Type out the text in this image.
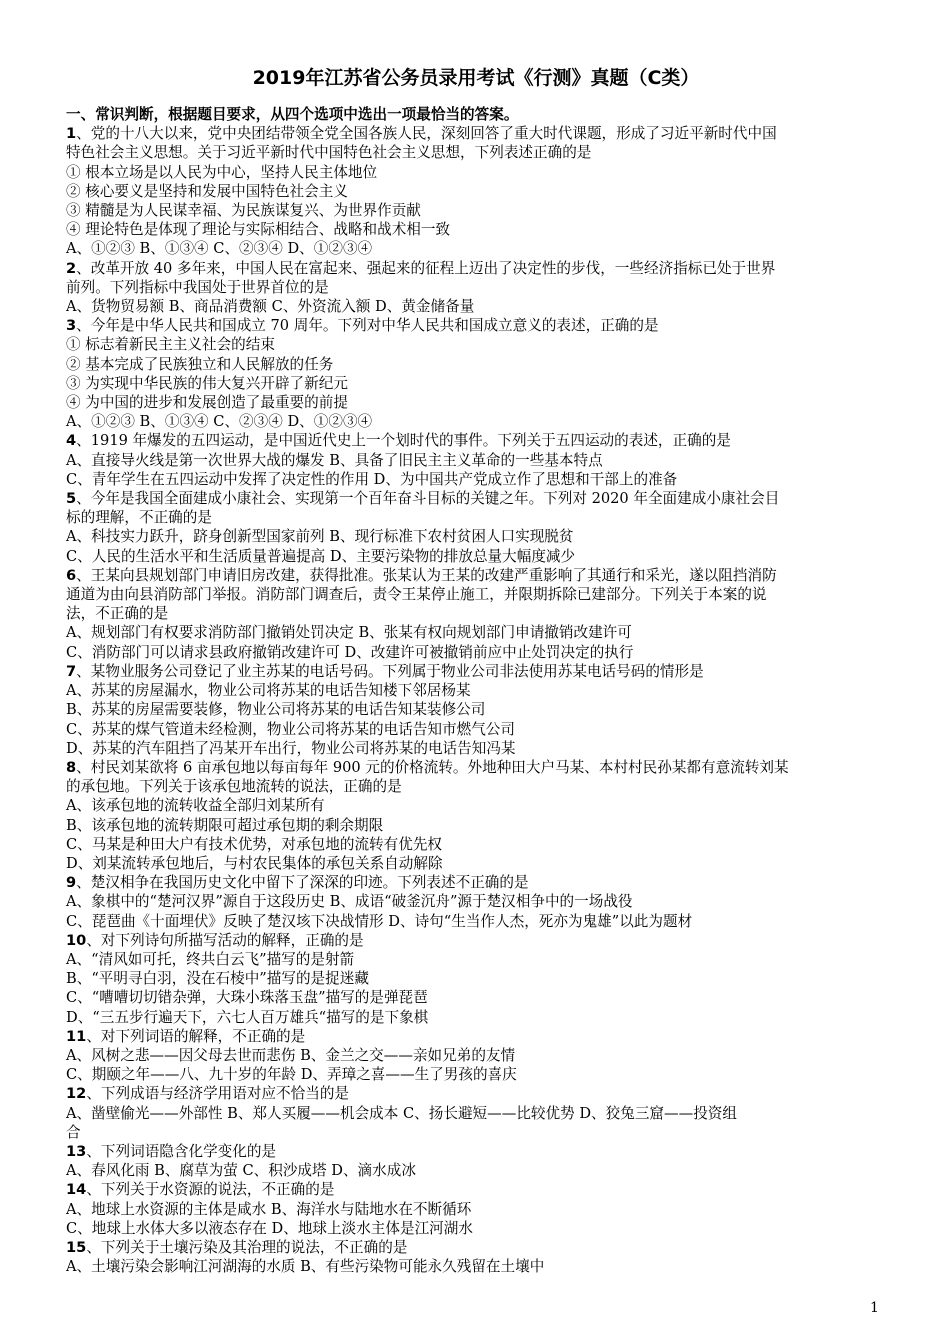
2019年江苏省公务员录用考试《行测》真题（C类）
一、常识判断，根据题目要求，从四个选项中选出一项最恰当的答案。
1、党的十八大以来，党中央团结带领全党全国各族人民，深刻回答了重大时代课题，形成了习近平新时代中国
特色社会主义思想。关于习近平新时代中国特色社会主义思想，下列表述正确的是
① 根本立场是以人民为中心，坚持人民主体地位
② 核心要义是坚持和发展中国特色社会主义
③ 精髓是为人民谋幸福、为民族谋复兴、为世界作贡献
④ 理论特色是体现了理论与实际相结合、战略和战术相一致
A、①②③ B、①③④ C、②③④ D、①②③④
2、改革开放 40 多年来，中国人民在富起来、强起来的征程上迈出了决定性的步伐，一些经济指标已处于世界
前列。下列指标中我国处于世界首位的是
A、货物贸易额 B、商品消费额 C、外资流入额 D、黄金储备量
3、今年是中华人民共和国成立 70 周年。下列对中华人民共和国成立意义的表述，正确的是
① 标志着新民主主义社会的结束
② 基本完成了民族独立和人民解放的任务
③ 为实现中华民族的伟大复兴开辟了新纪元
④ 为中国的进步和发展创造了最重要的前提
A、①②③ B、①③④ C、②③④ D、①②③④
4、1919 年爆发的五四运动，是中国近代史上一个划时代的事件。下列关于五四运动的表述，正确的是
A、直接导火线是第一次世界大战的爆发 B、具备了旧民主主义革命的一些基本特点
C、青年学生在五四运动中发挥了决定性的作用 D、为中国共产党成立作了思想和干部上的准备
5、今年是我国全面建成小康社会、实现第一个百年奋斗目标的关键之年。下列对 2020 年全面建成小康社会目
标的理解，不正确的是
A、科技实力跃升，跻身创新型国家前列 B、现行标准下农村贫困人口实现脱贫
C、人民的生活水平和生活质量普遍提高 D、主要污染物的排放总量大幅度减少
6、王某向县规划部门申请旧房改建，获得批准。张某认为王某的改建严重影响了其通行和采光，遂以阻挡消防
通道为由向县消防部门举报。消防部门调查后，责令王某停止施工，并限期拆除已建部分。下列关于本案的说
法，不正确的是
A、规划部门有权要求消防部门撤销处罚决定 B、张某有权向规划部门申请撤销改建许可
C、消防部门可以请求县政府撤销改建许可 D、改建许可被撤销前应中止处罚决定的执行
7、某物业服务公司登记了业主苏某的电话号码。下列属于物业公司非法使用苏某电话号码的情形是
A、苏某的房屋漏水，物业公司将苏某的电话告知楼下邻居杨某
B、苏某的房屋需要装修，物业公司将苏某的电话告知某装修公司
C、苏某的煤气管道未经检测，物业公司将苏某的电话告知市燃气公司
D、苏某的汽车阻挡了冯某开车出行，物业公司将苏某的电话告知冯某
8、村民刘某欲将 6 亩承包地以每亩每年 900 元的价格流转。外地种田大户马某、本村村民孙某都有意流转刘某
的承包地。下列关于该承包地流转的说法，正确的是
A、该承包地的流转收益全部归刘某所有
B、该承包地的流转期限可超过承包期的剩余期限
C、马某是种田大户有技术优势，对承包地的流转有优先权
D、刘某流转承包地后，与村农民集体的承包关系自动解除
9、楚汉相争在我国历史文化中留下了深深的印迹。下列表述不正确的是
A、象棋中的“楚河汉界”源自于这段历史 B、成语“破釜沉舟”源于楚汉相争中的一场战役
C、琵琶曲《十面埋伏》反映了楚汉垓下决战情形 D、诗句“生当作人杰，死亦为鬼雄”以此为题材
10、对下列诗句所描写活动的解释，正确的是
A、“清风如可托，终共白云飞”描写的是射箭
B、“平明寻白羽，没在石棱中”描写的是捉迷藏
C、“嘈嘈切切错杂弹，大珠小珠落玉盘”描写的是弹琵琶
D、“三五步行遍天下，六七人百万雄兵“描写的是下象棋
11、对下列词语的解释，不正确的是
A、风树之悲——因父母去世而悲伤 B、金兰之交——亲如兄弟的友情
C、期颐之年——八、九十岁的年龄 D、弄璋之喜——生了男孩的喜庆
12、下列成语与经济学用语对应不恰当的是
A、凿壁偷光——外部性 B、郑人买履——机会成本 C、扬长避短——比较优势 D、狡兔三窟——投资组
合
13、下列词语隐含化学变化的是
A、春风化雨 B、腐草为萤 C、积沙成塔 D、滴水成冰
14、下列关于水资源的说法，不正确的是
A、地球上水资源的主体是咸水 B、海洋水与陆地水在不断循环
C、地球上水体大多以液态存在 D、地球上淡水主体是江河湖水
15、下列关于土壤污染及其治理的说法，不正确的是
A、土壤污染会影响江河湖海的水质 B、有些污染物可能永久残留在土壤中
1
